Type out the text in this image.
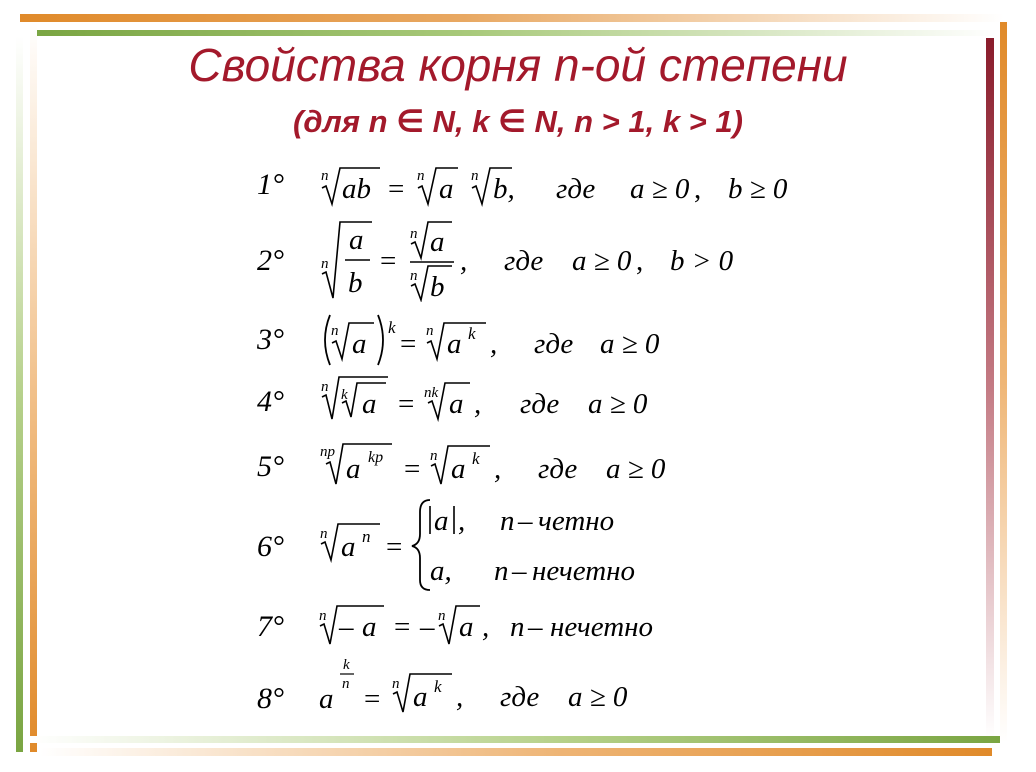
Свойства корня n-ой степени
(для n ∈ N, k ∈ N, n > 1, k > 1)
1° n ab = n a n b, где a ≥ 0 , b ≥ 0
2° n
a
b
=
n a
n b
, где a ≥ 0 , b > 0
3°	n a
k
= n a k , где a ≥ 0
4° n k a = nk a , где a ≥ 0
5° np
a kp = n a k , где a ≥ 0
6° n a n =
a , n – четно
a, n – нечетно
7° n – a = – n a , n – нечетно
8° a
k
n = n a k , где a ≥ 0
